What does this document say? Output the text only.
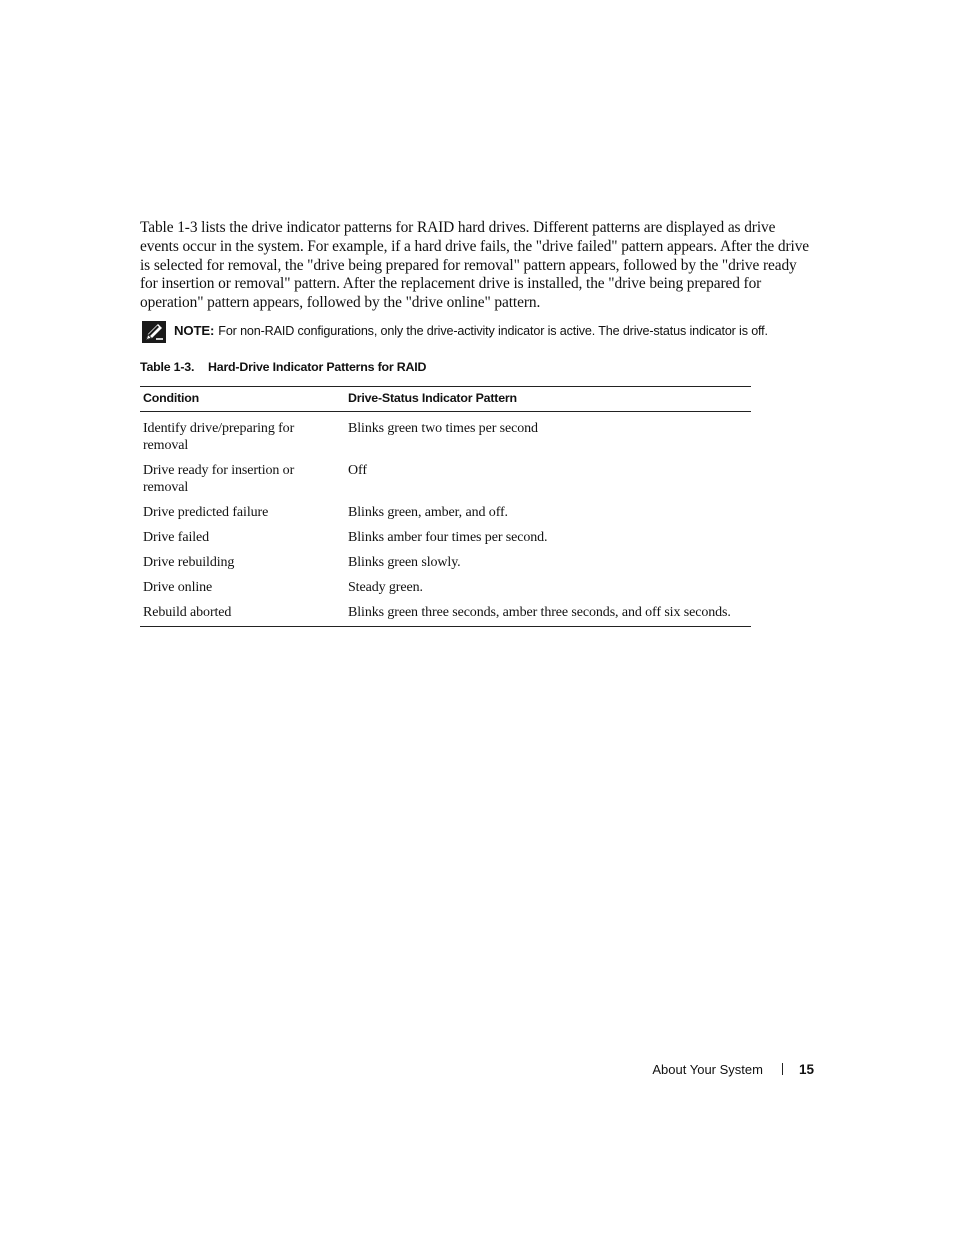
Table 1-3 lists the drive indicator patterns for RAID hard drives. Different patterns are displayed as drive events occur in the system. For example, if a hard drive fails, the "drive failed" pattern appears. After the drive is selected for removal, the "drive being prepared for removal" pattern appears, followed by the "drive ready for insertion or removal" pattern. After the replacement drive is installed, the "drive being prepared for operation" pattern appears, followed by the "drive online" pattern.

NOTE: For non-RAID configurations, only the drive-activity indicator is active. The drive-status indicator is off.
Table 1-3. Hard-Drive Indicator Patterns for RAID
Condition	Drive-Status Indicator Pattern
Identify drive/preparing for removal	Blinks green two times per second
Drive ready for insertion or removal	Off
Drive predicted failure	Blinks green, amber, and off.
Drive failed	Blinks amber four times per second.
Drive rebuilding	Blinks green slowly.
Drive online	Steady green.
Rebuild aborted	Blinks green three seconds, amber three seconds, and off six seconds.
About Your System	15
